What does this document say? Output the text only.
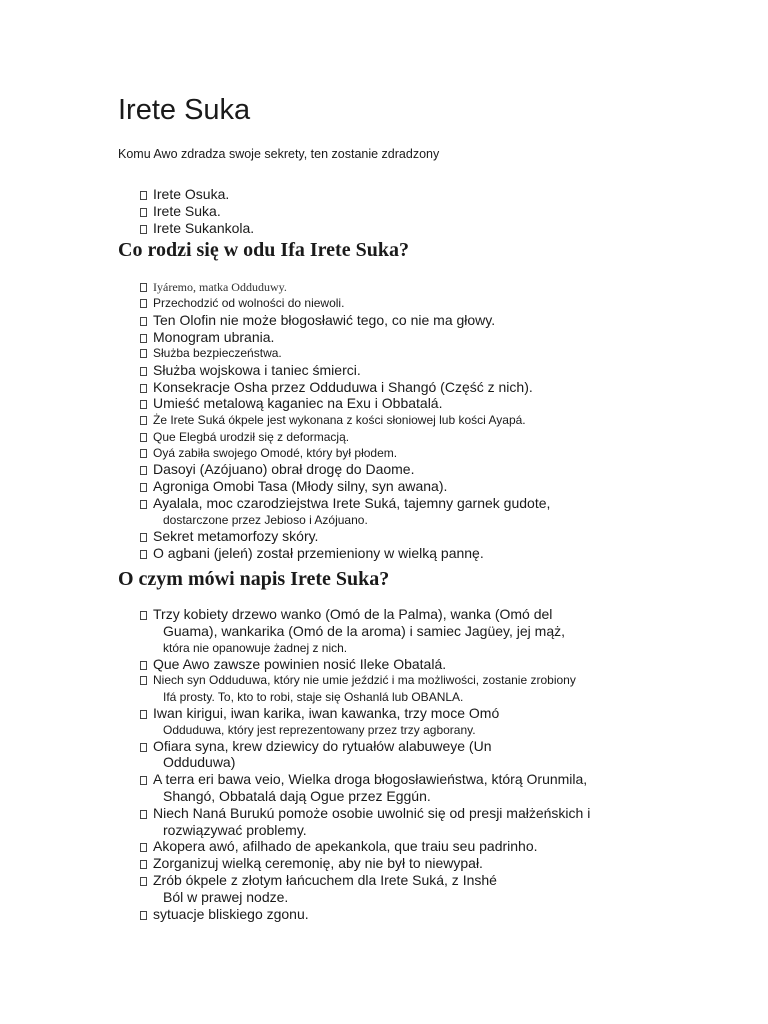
Irete Suka

Komu Awo zdradza swoje sekrety, ten zostanie zdradzony

Irete Osuka.
Irete Suka.
Irete Sukankola.
Co rodzi się w odu Ifa Irete Suka?
Iyáremo, matka Odduduwy.
Przechodzić od wolności do niewoli.
Ten Olofin nie może błogosławić tego, co nie ma głowy.
Monogram ubrania.
Służba bezpieczeństwa.
Służba wojskowa i taniec śmierci.
Konsekracje Osha przez Odduduwa i Shangó (Część z nich).
Umieść metalową kaganiec na Exu i Obbatalá.
Że Irete Suká ókpele jest wykonana z kości słoniowej lub kości Ayapá.
Que Elegbá urodził się z deformacją.
Oyá zabiła swojego Omodé, który był płodem.
Dasoyi (Azójuano) obrał drogę do Daome.
Agroniga Omobi Tasa (Młody silny, syn awana).
Ayalala, moc czarodziejstwa Irete Suká, tajemny garnek gudote,
dostarczone przez Jebioso i Azójuano.
Sekret metamorfozy skóry.
O agbani (jeleń) został przemieniony w wielką pannę.
O czym mówi napis Irete Suka?
Trzy kobiety drzewo wanko (Omó de la Palma), wanka (Omó del
Guama), wankarika (Omó de la aroma) i samiec Jagüey, jej mąż,
która nie opanowuje żadnej z nich.
Que Awo zawsze powinien nosić Ileke Obatalá.
Niech syn Odduduwa, który nie umie jeździć i ma możliwości, zostanie zrobiony
Ifá prosty. To, kto to robi, staje się Oshanlá lub OBANLA.
Iwan kirigui, iwan karika, iwan kawanka, trzy moce Omó
Odduduwa, który jest reprezentowany przez trzy agborany.
Ofiara syna, krew dziewicy do rytuałów alabuweye (Un
Odduduwa)
A terra eri bawa veio, Wielka droga błogosławieństwa, którą Orunmila,
Shangó, Obbatalá dają Ogue przez Eggún.
Niech Naná Burukú pomoże osobie uwolnić się od presji małżeńskich i
rozwiązywać problemy.
Akopera awó, afilhado de apekankola, que traiu seu padrinho.
Zorganizuj wielką ceremonię, aby nie był to niewypał.
Zrób ókpele z złotym łańcuchem dla Irete Suká, z Inshé
Ból w prawej nodze.
sytuacje bliskiego zgonu.
